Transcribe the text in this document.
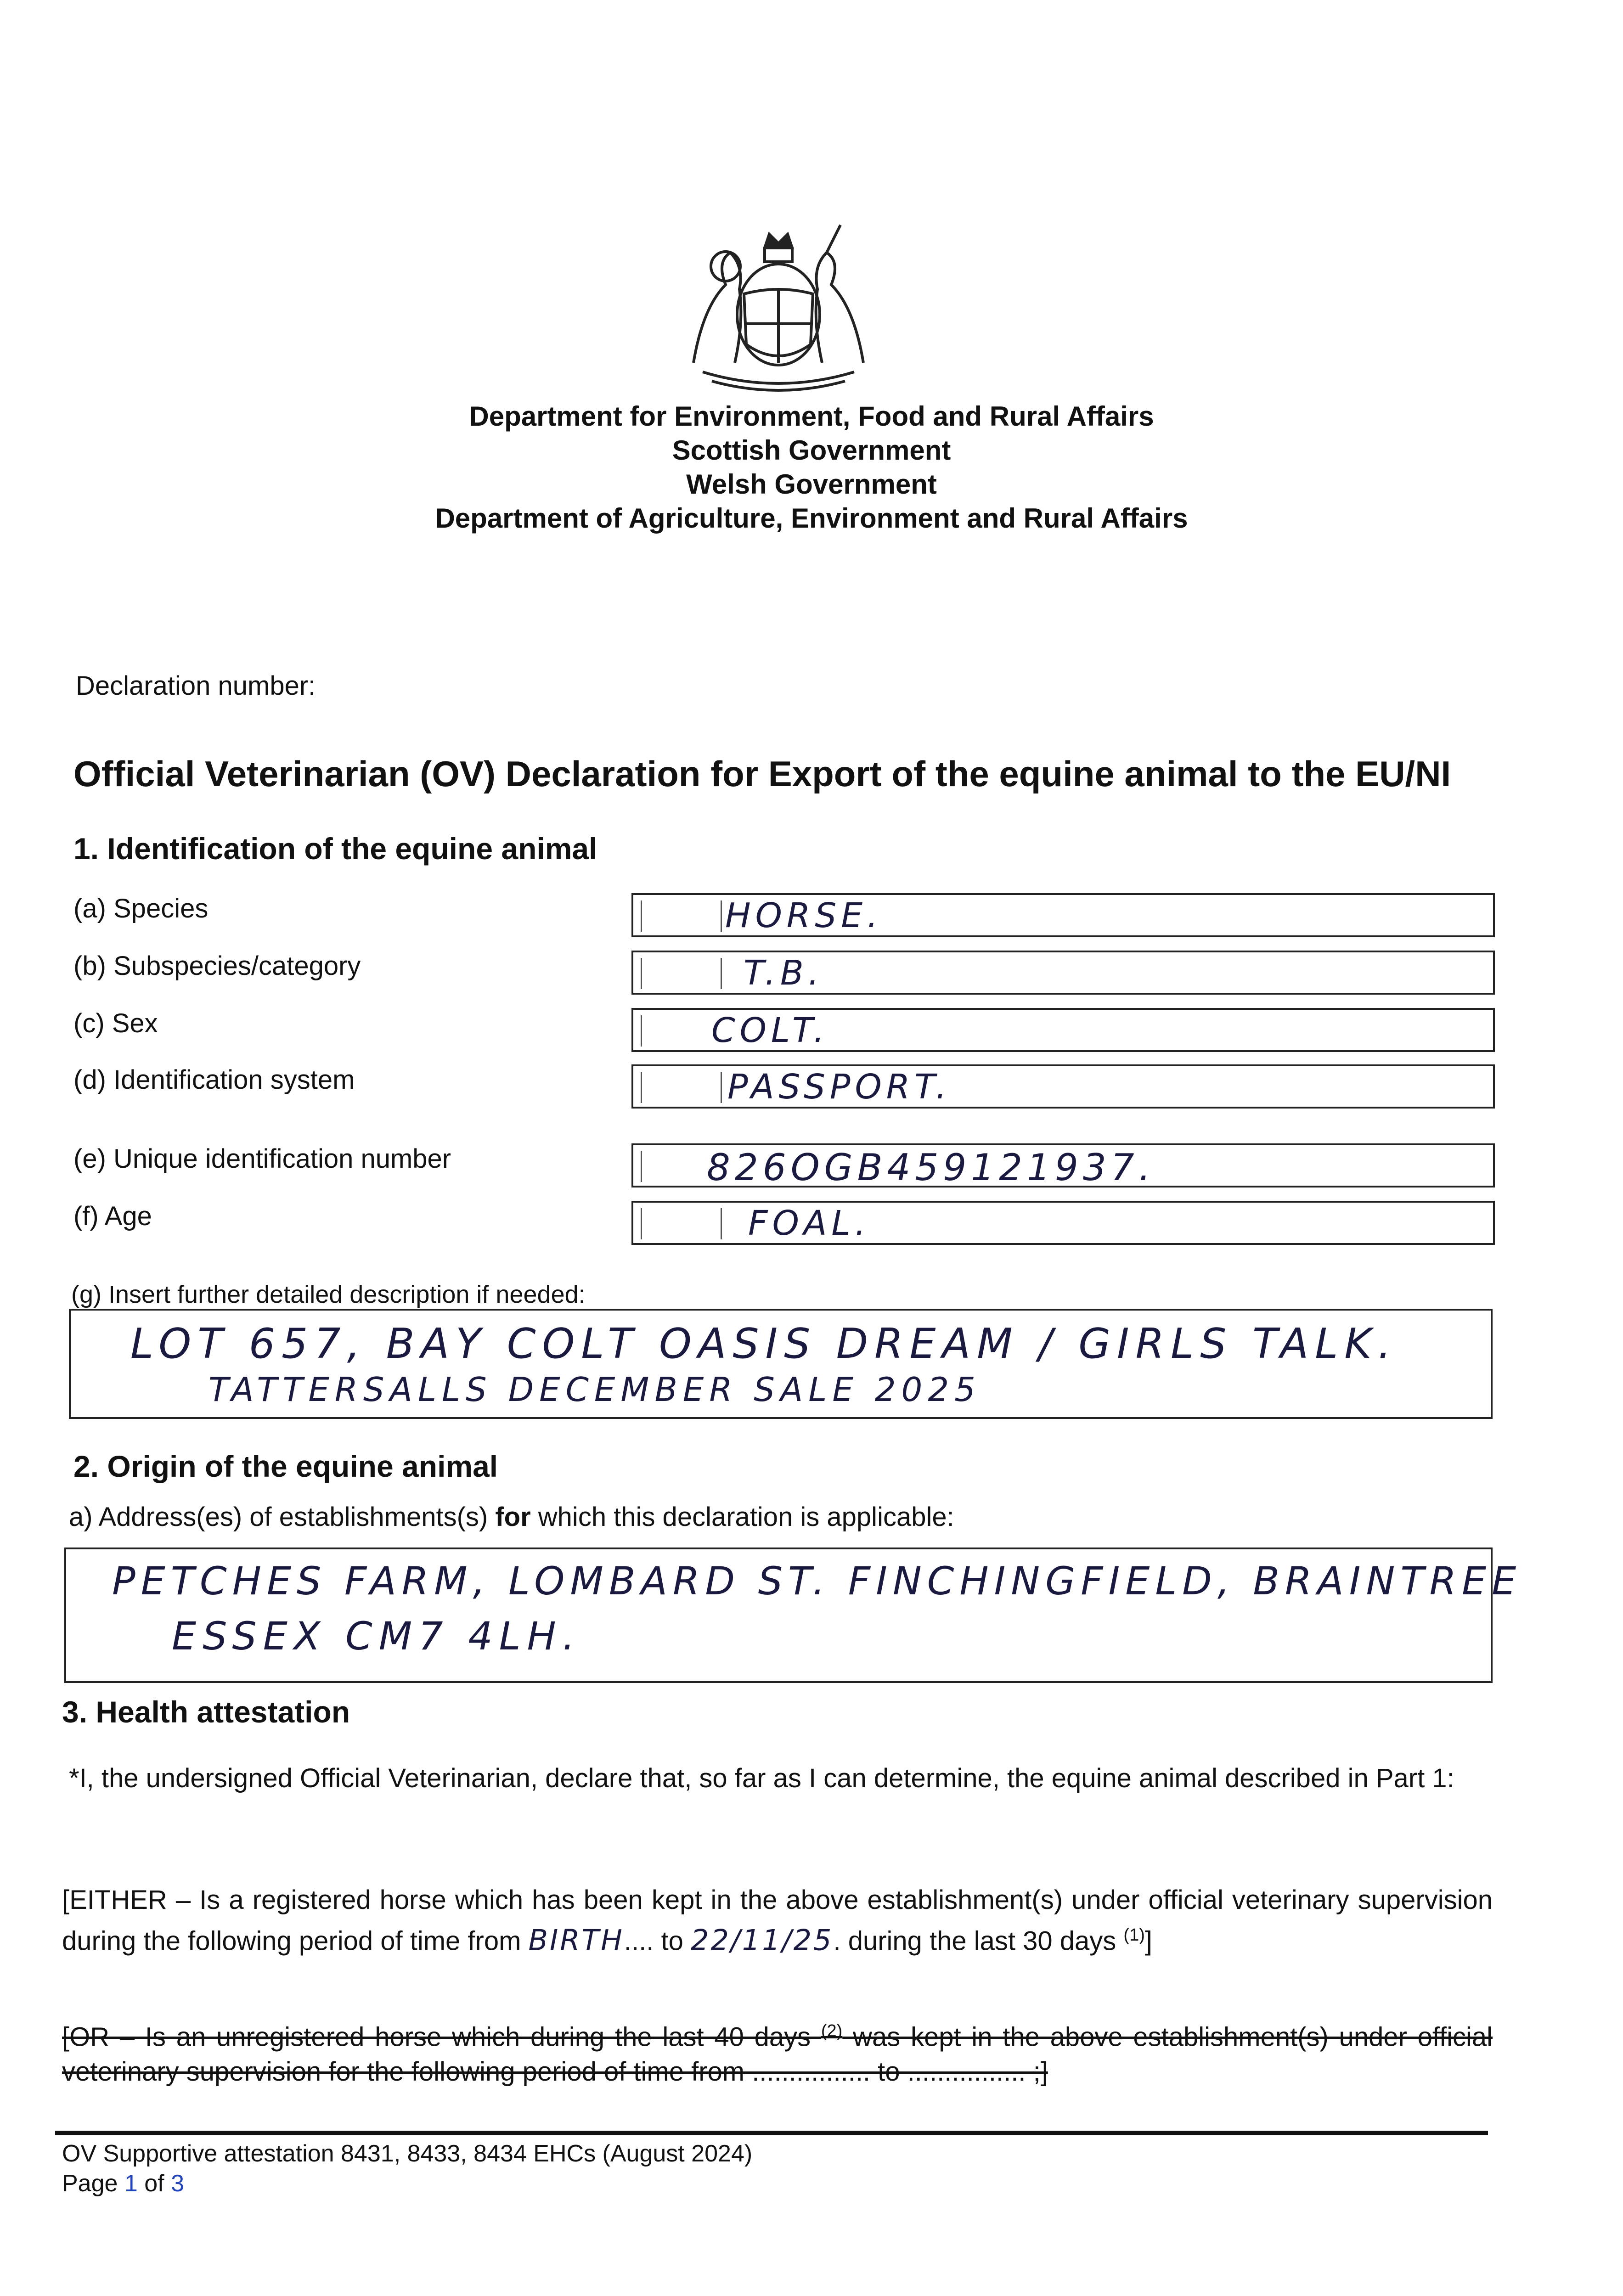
Department for Environment, Food and Rural Affairs
Scottish Government
Welsh Government
Department of Agriculture, Environment and Rural Affairs
Declaration number:
Official Veterinarian (OV) Declaration for Export of the equine animal to the EU/NI
1. Identification of the equine animal
(a) Species	HORSE.
(b) Subspecies/category	T.B.
(c) Sex	COLT.
(d) Identification system	PASSPORT.
(e) Unique identification number	826OGB459121937.
(f) Age	FOAL.
(g) Insert further detailed description if needed:
LOT 657, BAY COLT OASIS DREAM / GIRLS TALK.
TATTERSALLS DECEMBER SALE 2025
2. Origin of the equine animal
a) Address(es) of establishments(s) for which this declaration is applicable:
PETCHES FARM, LOMBARD ST. FINCHINGFIELD, BRAINTREE
ESSEX CM7 4LH.
3. Health attestation
*I, the undersigned Official Veterinarian, declare that, so far as I can determine, the equine animal described in Part 1:
[EITHER – Is a registered horse which has been kept in the above establishment(s) under official veterinary supervision during the following period of time from BIRTH.... to 22/11/25. during the last 30 days $^{(1)}$]
[OR – Is an unregistered horse which during the last 40 days $^{(2)}$ was kept in the above establishment(s) under official veterinary supervision for the following period of time from ................ to ................ ;]
OV Supportive attestation 8431, 8433, 8434 EHCs (August 2024)
Page 1 of 3
